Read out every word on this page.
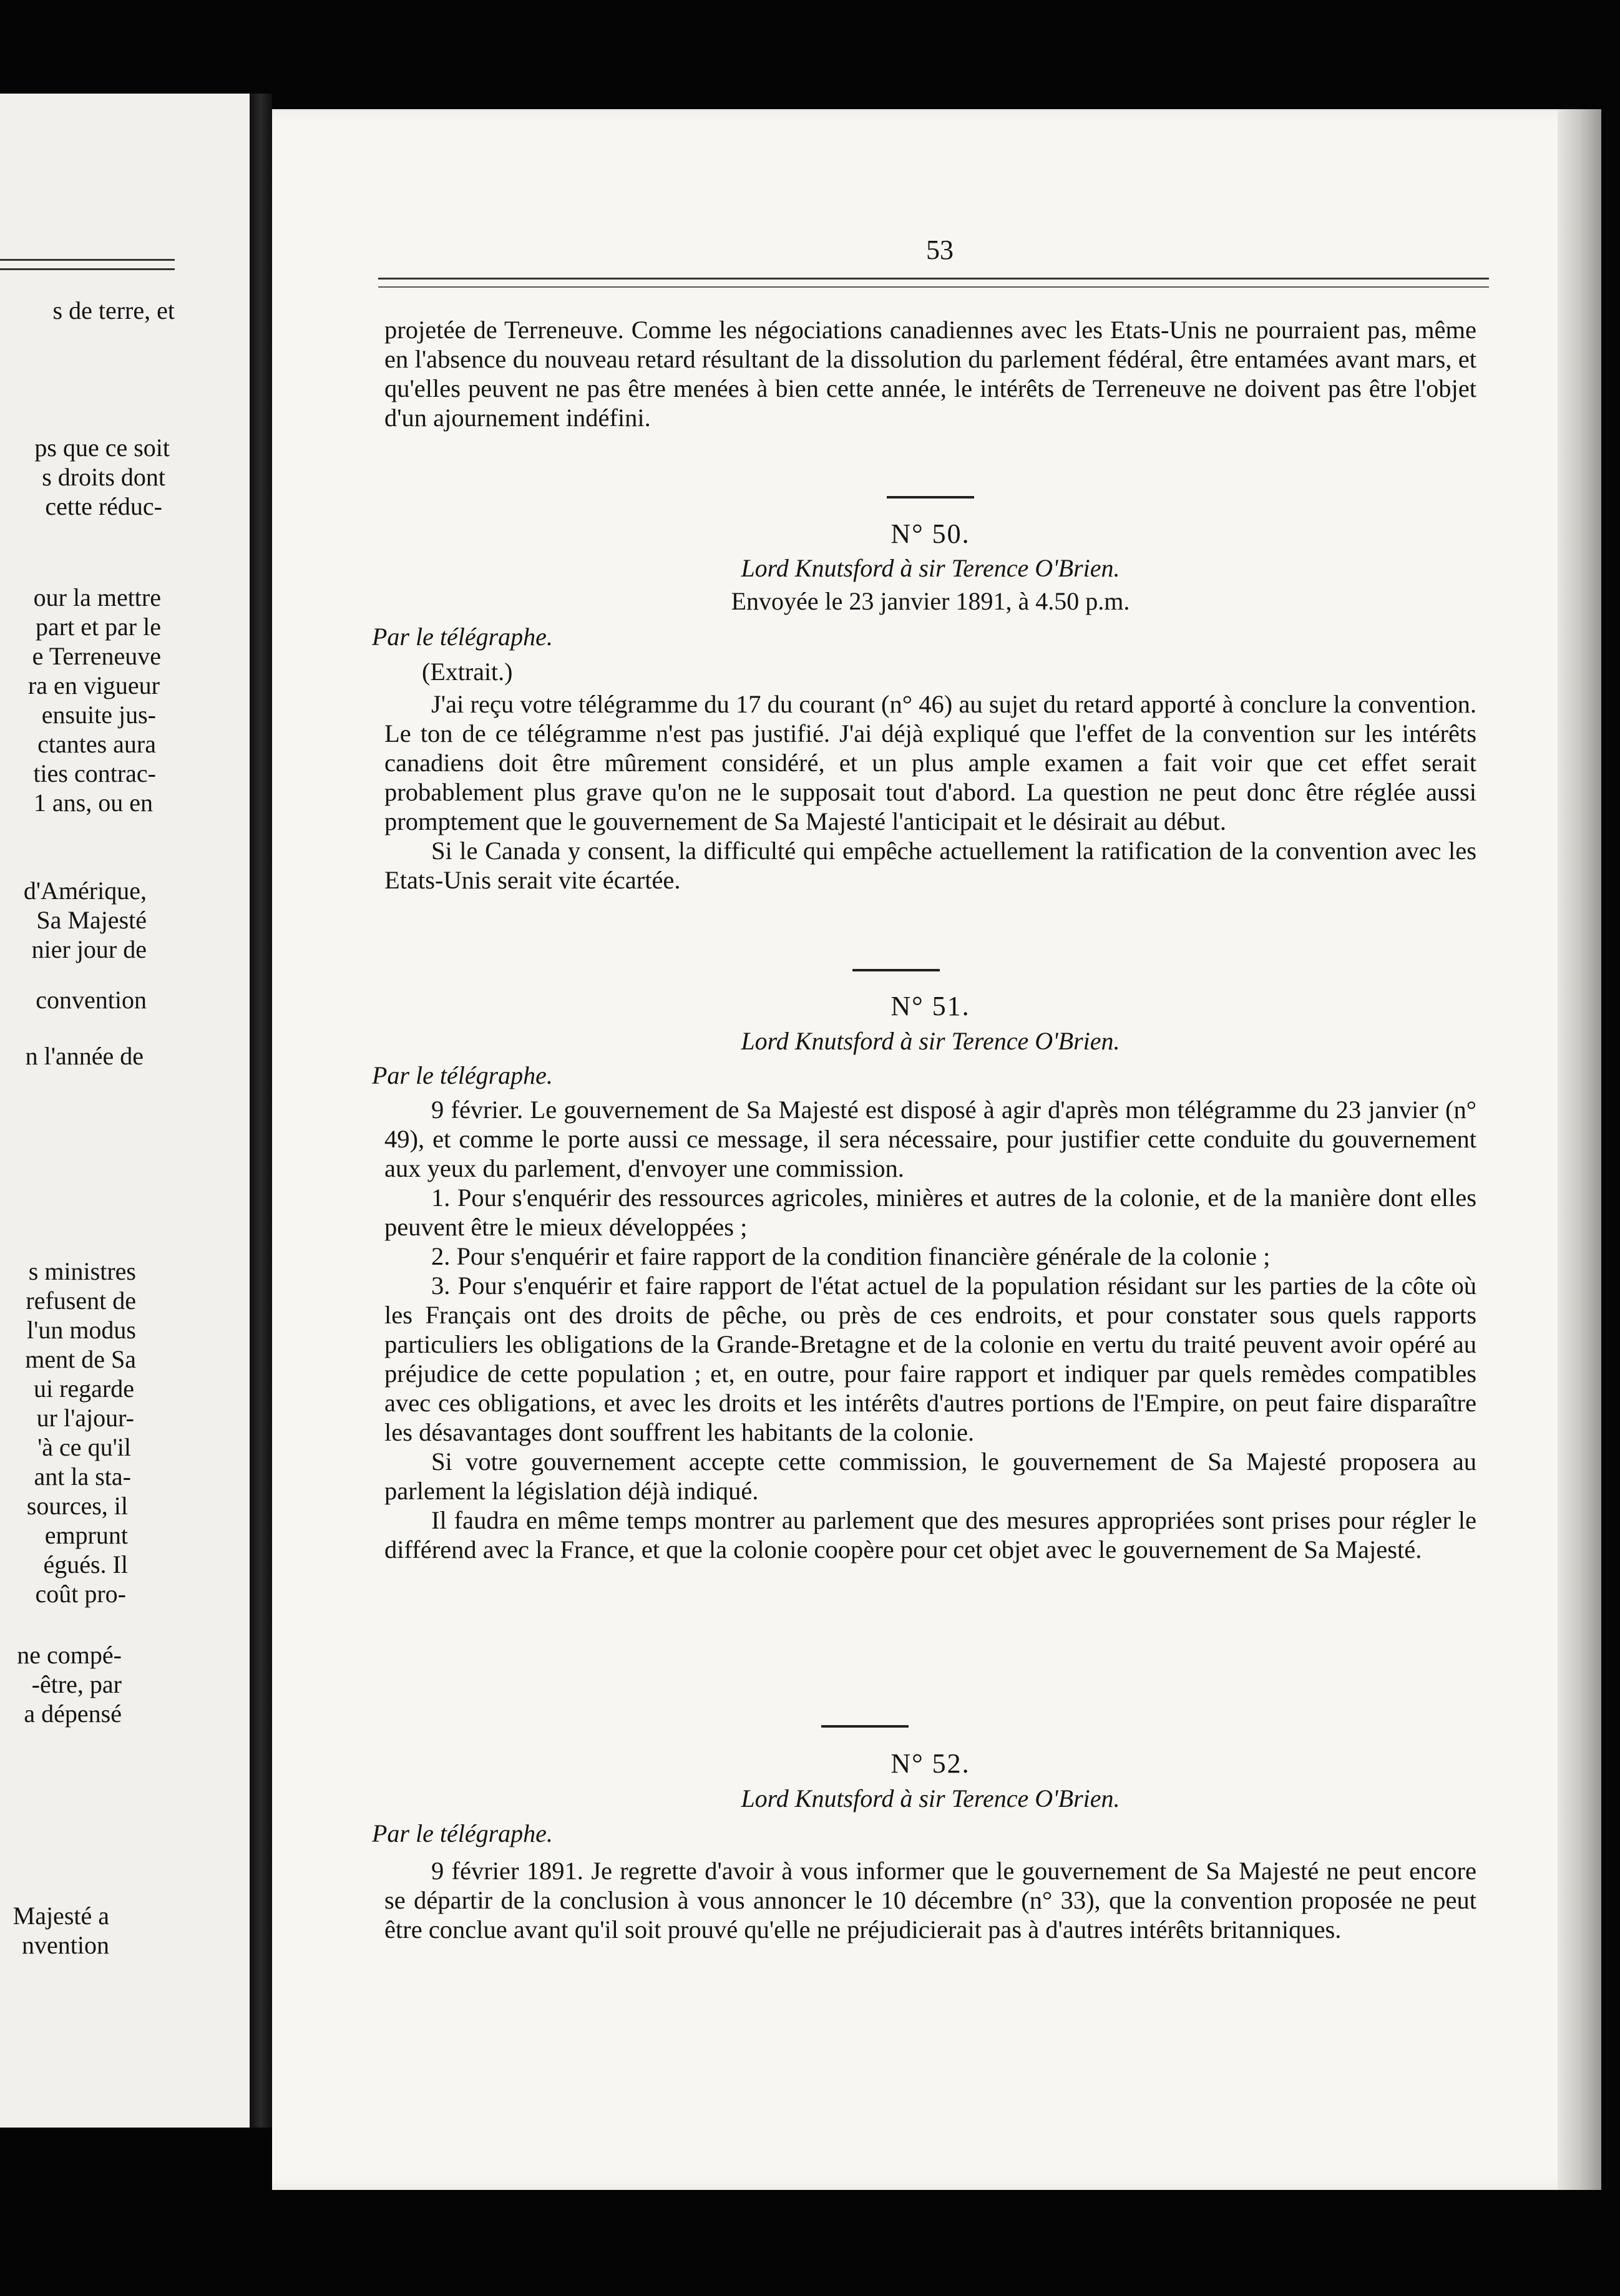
s de terre, et
ps que ce soit
s droits dont
cette réduc-
our la mettre
part et par le
e Terreneuve
ra en vigueur
ensuite jus-
ctantes aura
ties contrac-
1 ans, ou en
d'Amérique,
Sa Majesté
nier jour de
convention
n l'année de
s ministres
refusent de
l'un modus
ment de Sa
ui regarde
ur l'ajour-
'à ce qu'il
ant la sta-
sources, il
emprunt
égués. Il
coût pro-
ne compé-
-être, par
a dépensé
Majesté a
nvention
53

projetée de Terreneuve. Comme les négociations canadiennes avec les Etats-Unis ne pourraient pas, même en l'absence du nouveau retard résultant de la dissolution du parlement fédéral, être entamées avant mars, et qu'elles peuvent ne pas être menées à bien cette année, le intérêts de Terreneuve ne doivent pas être l'objet d'un ajournement indéfini.

N° 50.
Lord Knutsford à sir Terence O'Brien.
Envoyée le 23 janvier 1891, à 4.50 p.m.
Par le télégraphe.
(Extrait.)

J'ai reçu votre télégramme du 17 du courant (n° 46) au sujet du retard apporté à conclure la convention. Le ton de ce télégramme n'est pas justifié. J'ai déjà expliqué que l'effet de la convention sur les intérêts canadiens doit être mûrement considéré, et un plus ample examen a fait voir que cet effet serait probablement plus grave qu'on ne le supposait tout d'abord. La question ne peut donc être réglée aussi promptement que le gouvernement de Sa Majesté l'anticipait et le désirait au début.

Si le Canada y consent, la difficulté qui empêche actuellement la ratification de la convention avec les Etats-Unis serait vite écartée.

N° 51.
Lord Knutsford à sir Terence O'Brien.
Par le télégraphe.

9 février. Le gouvernement de Sa Majesté est disposé à agir d'après mon télégramme du 23 janvier (n° 49), et comme le porte aussi ce message, il sera nécessaire, pour justifier cette conduite du gouvernement aux yeux du parlement, d'envoyer une commission.

1. Pour s'enquérir des ressources agricoles, minières et autres de la colonie, et de la manière dont elles peuvent être le mieux développées ;

2. Pour s'enquérir et faire rapport de la condition financière générale de la colonie ;

3. Pour s'enquérir et faire rapport de l'état actuel de la population résidant sur les parties de la côte où les Français ont des droits de pêche, ou près de ces endroits, et pour constater sous quels rapports particuliers les obligations de la Grande-Bretagne et de la colonie en vertu du traité peuvent avoir opéré au préjudice de cette population ; et, en outre, pour faire rapport et indiquer par quels remèdes compatibles avec ces obligations, et avec les droits et les intérêts d'autres portions de l'Empire, on peut faire disparaître les désavantages dont souffrent les habitants de la colonie.

Si votre gouvernement accepte cette commission, le gouvernement de Sa Majesté proposera au parlement la législation déjà indiqué.

Il faudra en même temps montrer au parlement que des mesures appropriées sont prises pour régler le différend avec la France, et que la colonie coopère pour cet objet avec le gouvernement de Sa Majesté.

N° 52.
Lord Knutsford à sir Terence O'Brien.
Par le télégraphe.

9 février 1891. Je regrette d'avoir à vous informer que le gouvernement de Sa Majesté ne peut encore se départir de la conclusion à vous annoncer le 10 décembre (n° 33), que la convention proposée ne peut être conclue avant qu'il soit prouvé qu'elle ne préjudicierait pas à d'autres intérêts britanniques.
